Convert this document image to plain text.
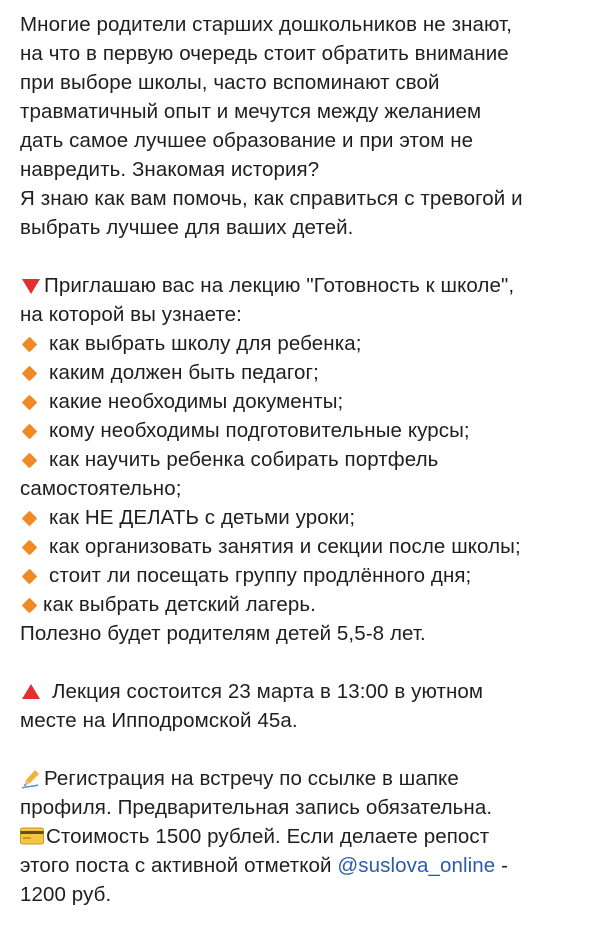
Многие родители старших дошкольников не знают,
на что в первую очередь стоит обратить внимание
при выборе школы, часто вспоминают свой
травматичный опыт и мечутся между желанием
дать самое лучшее образование и при этом не
навредить. Знакомая история?
Я знаю как вам помочь, как справиться с тревогой и
выбрать лучшее для ваших детей.
Приглашаю вас на лекцию "Готовность к школе",
на которой вы узнаете:
как выбрать школу для ребенка;
каким должен быть педагог;
какие необходимы документы;
кому необходимы подготовительные курсы;
как научить ребенка собирать портфель
самостоятельно;
как НЕ ДЕЛАТЬ с детьми уроки;
как организовать занятия и секции после школы;
стоит ли посещать группу продлённого дня;
как выбрать детский лагерь.
Полезно будет родителям детей 5,5-8 лет.
Лекция состоится 23 марта в 13:00 в уютном
месте на Ипподромской 45а.
Регистрация на встречу по ссылке в шапке
профиля. Предварительная запись обязательна.
Стоимость 1500 рублей. Если делаете репост
этого поста с активной отметкой @suslova_online -
1200 руб.
